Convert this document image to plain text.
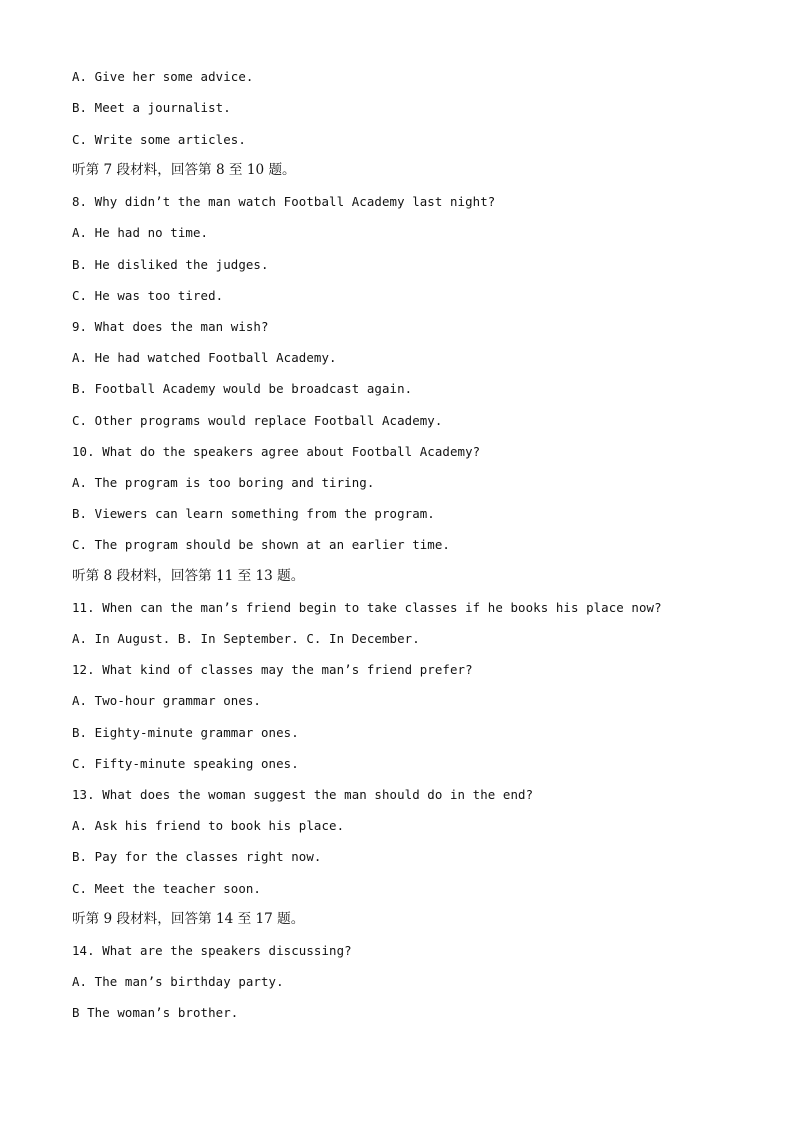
A. Give her some advice.
B. Meet a journalist.
C. Write some articles.
听第 7 段材料，回答第 8 至 10 题。
8. Why didn’t the man watch Football Academy last night?
A. He had no time.
B. He disliked the judges.
C. He was too tired.
9. What does the man wish?
A. He had watched Football Academy.
B. Football Academy would be broadcast again.
C. Other programs would replace Football Academy.
10. What do the speakers agree about Football Academy?
A. The program is too boring and tiring.
B. Viewers can learn something from the program.
C. The program should be shown at an earlier time.
听第 8 段材料，回答第 11 至 13 题。
11. When can the man’s friend begin to take classes if he books his place now?
A. In August. B. In September. C. In December.
12. What kind of classes may the man’s friend prefer?
A. Two-hour grammar ones.
B. Eighty-minute grammar ones.
C. Fifty-minute speaking ones.
13. What does the woman suggest the man should do in the end?
A. Ask his friend to book his place.
B. Pay for the classes right now.
C. Meet the teacher soon.
听第 9 段材料，回答第 14 至 17 题。
14. What are the speakers discussing?
A. The man’s birthday party.
B The woman’s brother.
